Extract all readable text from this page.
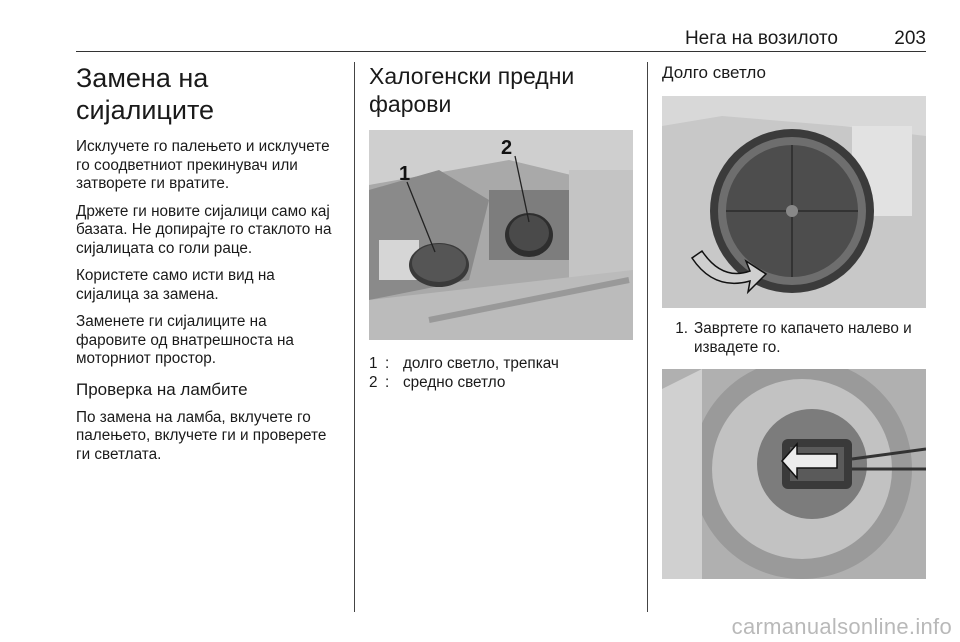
Нега на возилото	203
Замена на сијалиците

Исклучете го палењето и исклучете го соодветниот прекинувач или затворете ги вратите.

Држете ги новите сијалици само кај базата. Не допирајте го стаклото на сијалицата со голи раце.

Користете само исти вид на сијалица за замена.

Заменете ги сијалиците на фаровите од внатрешноста на моторниот простор.

Проверка на ламбите

По замена на ламба, вклучете го палењето, вклучете ги и проверете ги светлата.

Халогенски предни фарови
1
2
1 : долго светло, трепкач
2 : средно светло
Долго светло
1. Завртете го капачето налево и извадете го.
carmanualsonline.info
